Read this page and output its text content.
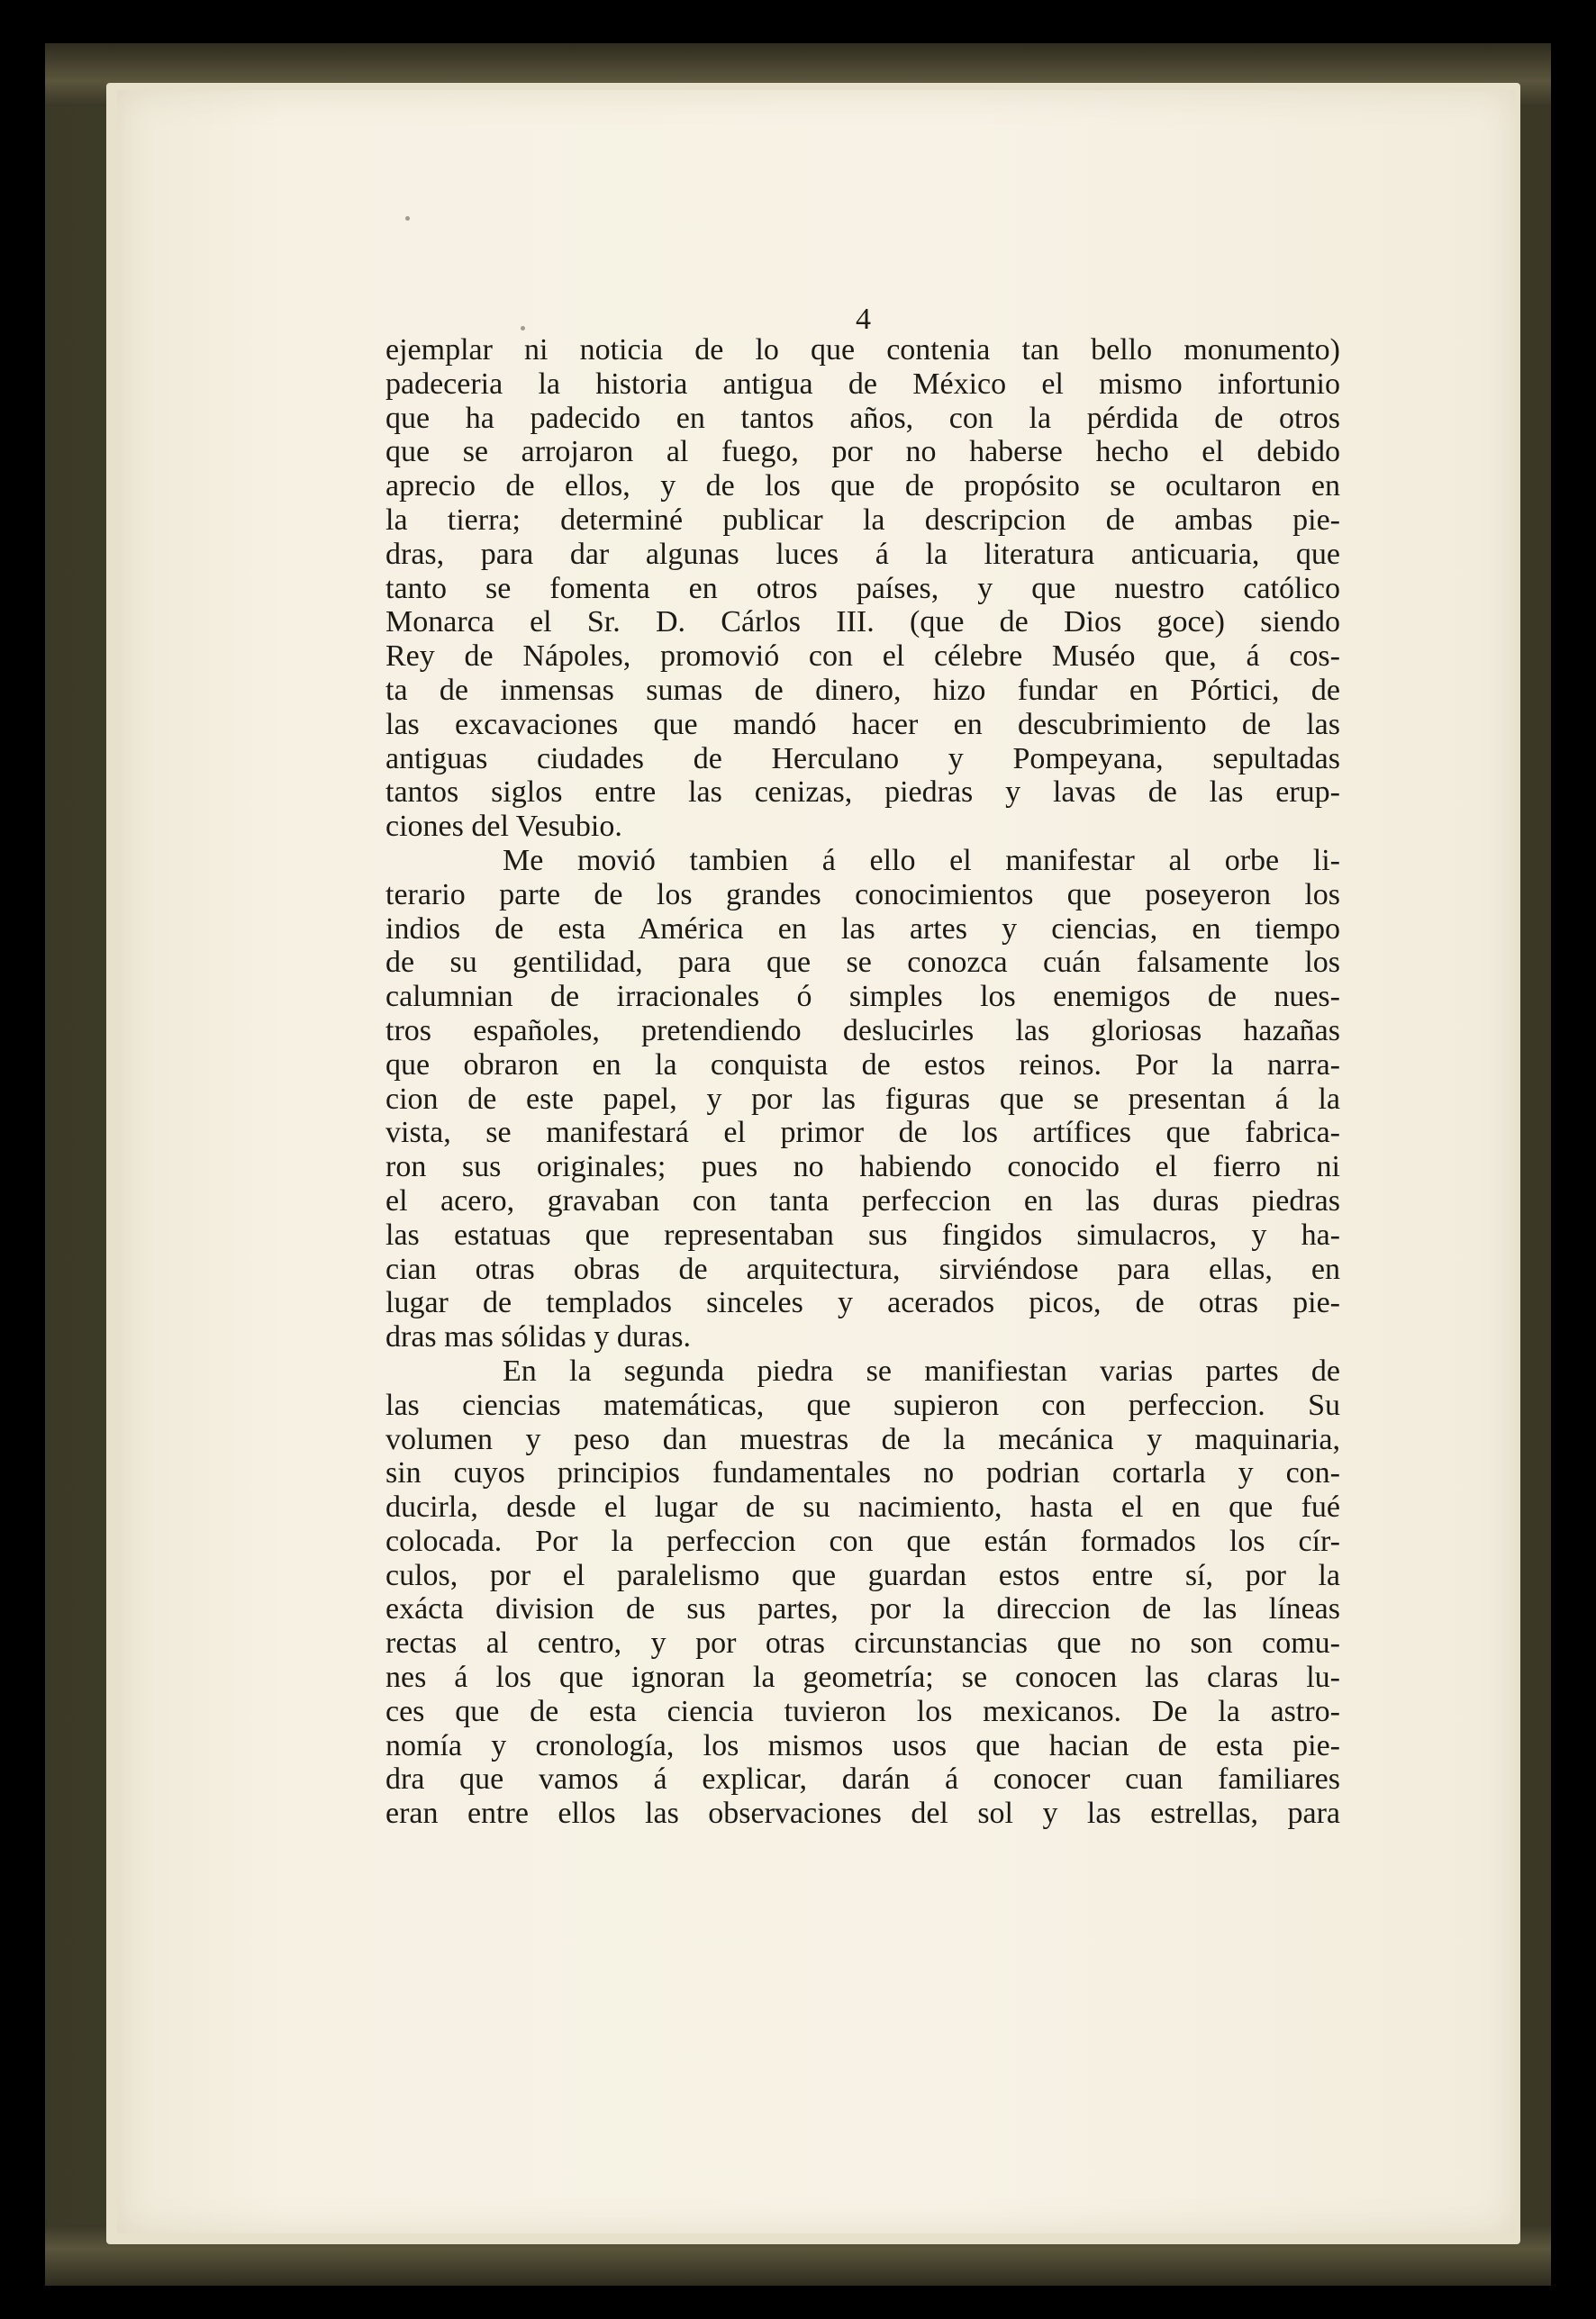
4
ejemplar ni noticia de lo que contenia tan bello monumento)
padeceria la historia antigua de México el mismo infortunio
que ha padecido en tantos años, con la pérdida de otros
que se arrojaron al fuego, por no haberse hecho el debido
aprecio de ellos, y de los que de propósito se ocultaron en
la tierra; determiné publicar la descripcion de ambas pie-
dras, para dar algunas luces á la literatura anticuaria, que
tanto se fomenta en otros países, y que nuestro católico
Monarca el Sr. D. Cárlos III. (que de Dios goce) siendo
Rey de Nápoles, promovió con el célebre Muséo que, á cos-
ta de inmensas sumas de dinero, hizo fundar en Pórtici, de
las excavaciones que mandó hacer en descubrimiento de las
antiguas ciudades de Herculano y Pompeyana, sepultadas
tantos siglos entre las cenizas, piedras y lavas de las erup-
ciones del Vesubio.
Me movió tambien á ello el manifestar al orbe li-
terario parte de los grandes conocimientos que poseyeron los
indios de esta América en las artes y ciencias, en tiempo
de su gentilidad, para que se conozca cuán falsamente los
calumnian de irracionales ó simples los enemigos de nues-
tros españoles, pretendiendo deslucirles las gloriosas hazañas
que obraron en la conquista de estos reinos. Por la narra-
cion de este papel, y por las figuras que se presentan á la
vista, se manifestará el primor de los artífices que fabrica-
ron sus originales; pues no habiendo conocido el fierro ni
el acero, gravaban con tanta perfeccion en las duras piedras
las estatuas que representaban sus fingidos simulacros, y ha-
cian otras obras de arquitectura, sirviéndose para ellas, en
lugar de templados sinceles y acerados picos, de otras pie-
dras mas sólidas y duras.
En la segunda piedra se manifiestan varias partes de
las ciencias matemáticas, que supieron con perfeccion. Su
volumen y peso dan muestras de la mecánica y maquinaria,
sin cuyos principios fundamentales no podrian cortarla y con-
ducirla, desde el lugar de su nacimiento, hasta el en que fué
colocada. Por la perfeccion con que están formados los cír-
culos, por el paralelismo que guardan estos entre sí, por la
exácta division de sus partes, por la direccion de las líneas
rectas al centro, y por otras circunstancias que no son comu-
nes á los que ignoran la geometría; se conocen las claras lu-
ces que de esta ciencia tuvieron los mexicanos. De la astro-
nomía y cronología, los mismos usos que hacian de esta pie-
dra que vamos á explicar, darán á conocer cuan familiares
eran entre ellos las observaciones del sol y las estrellas, para
